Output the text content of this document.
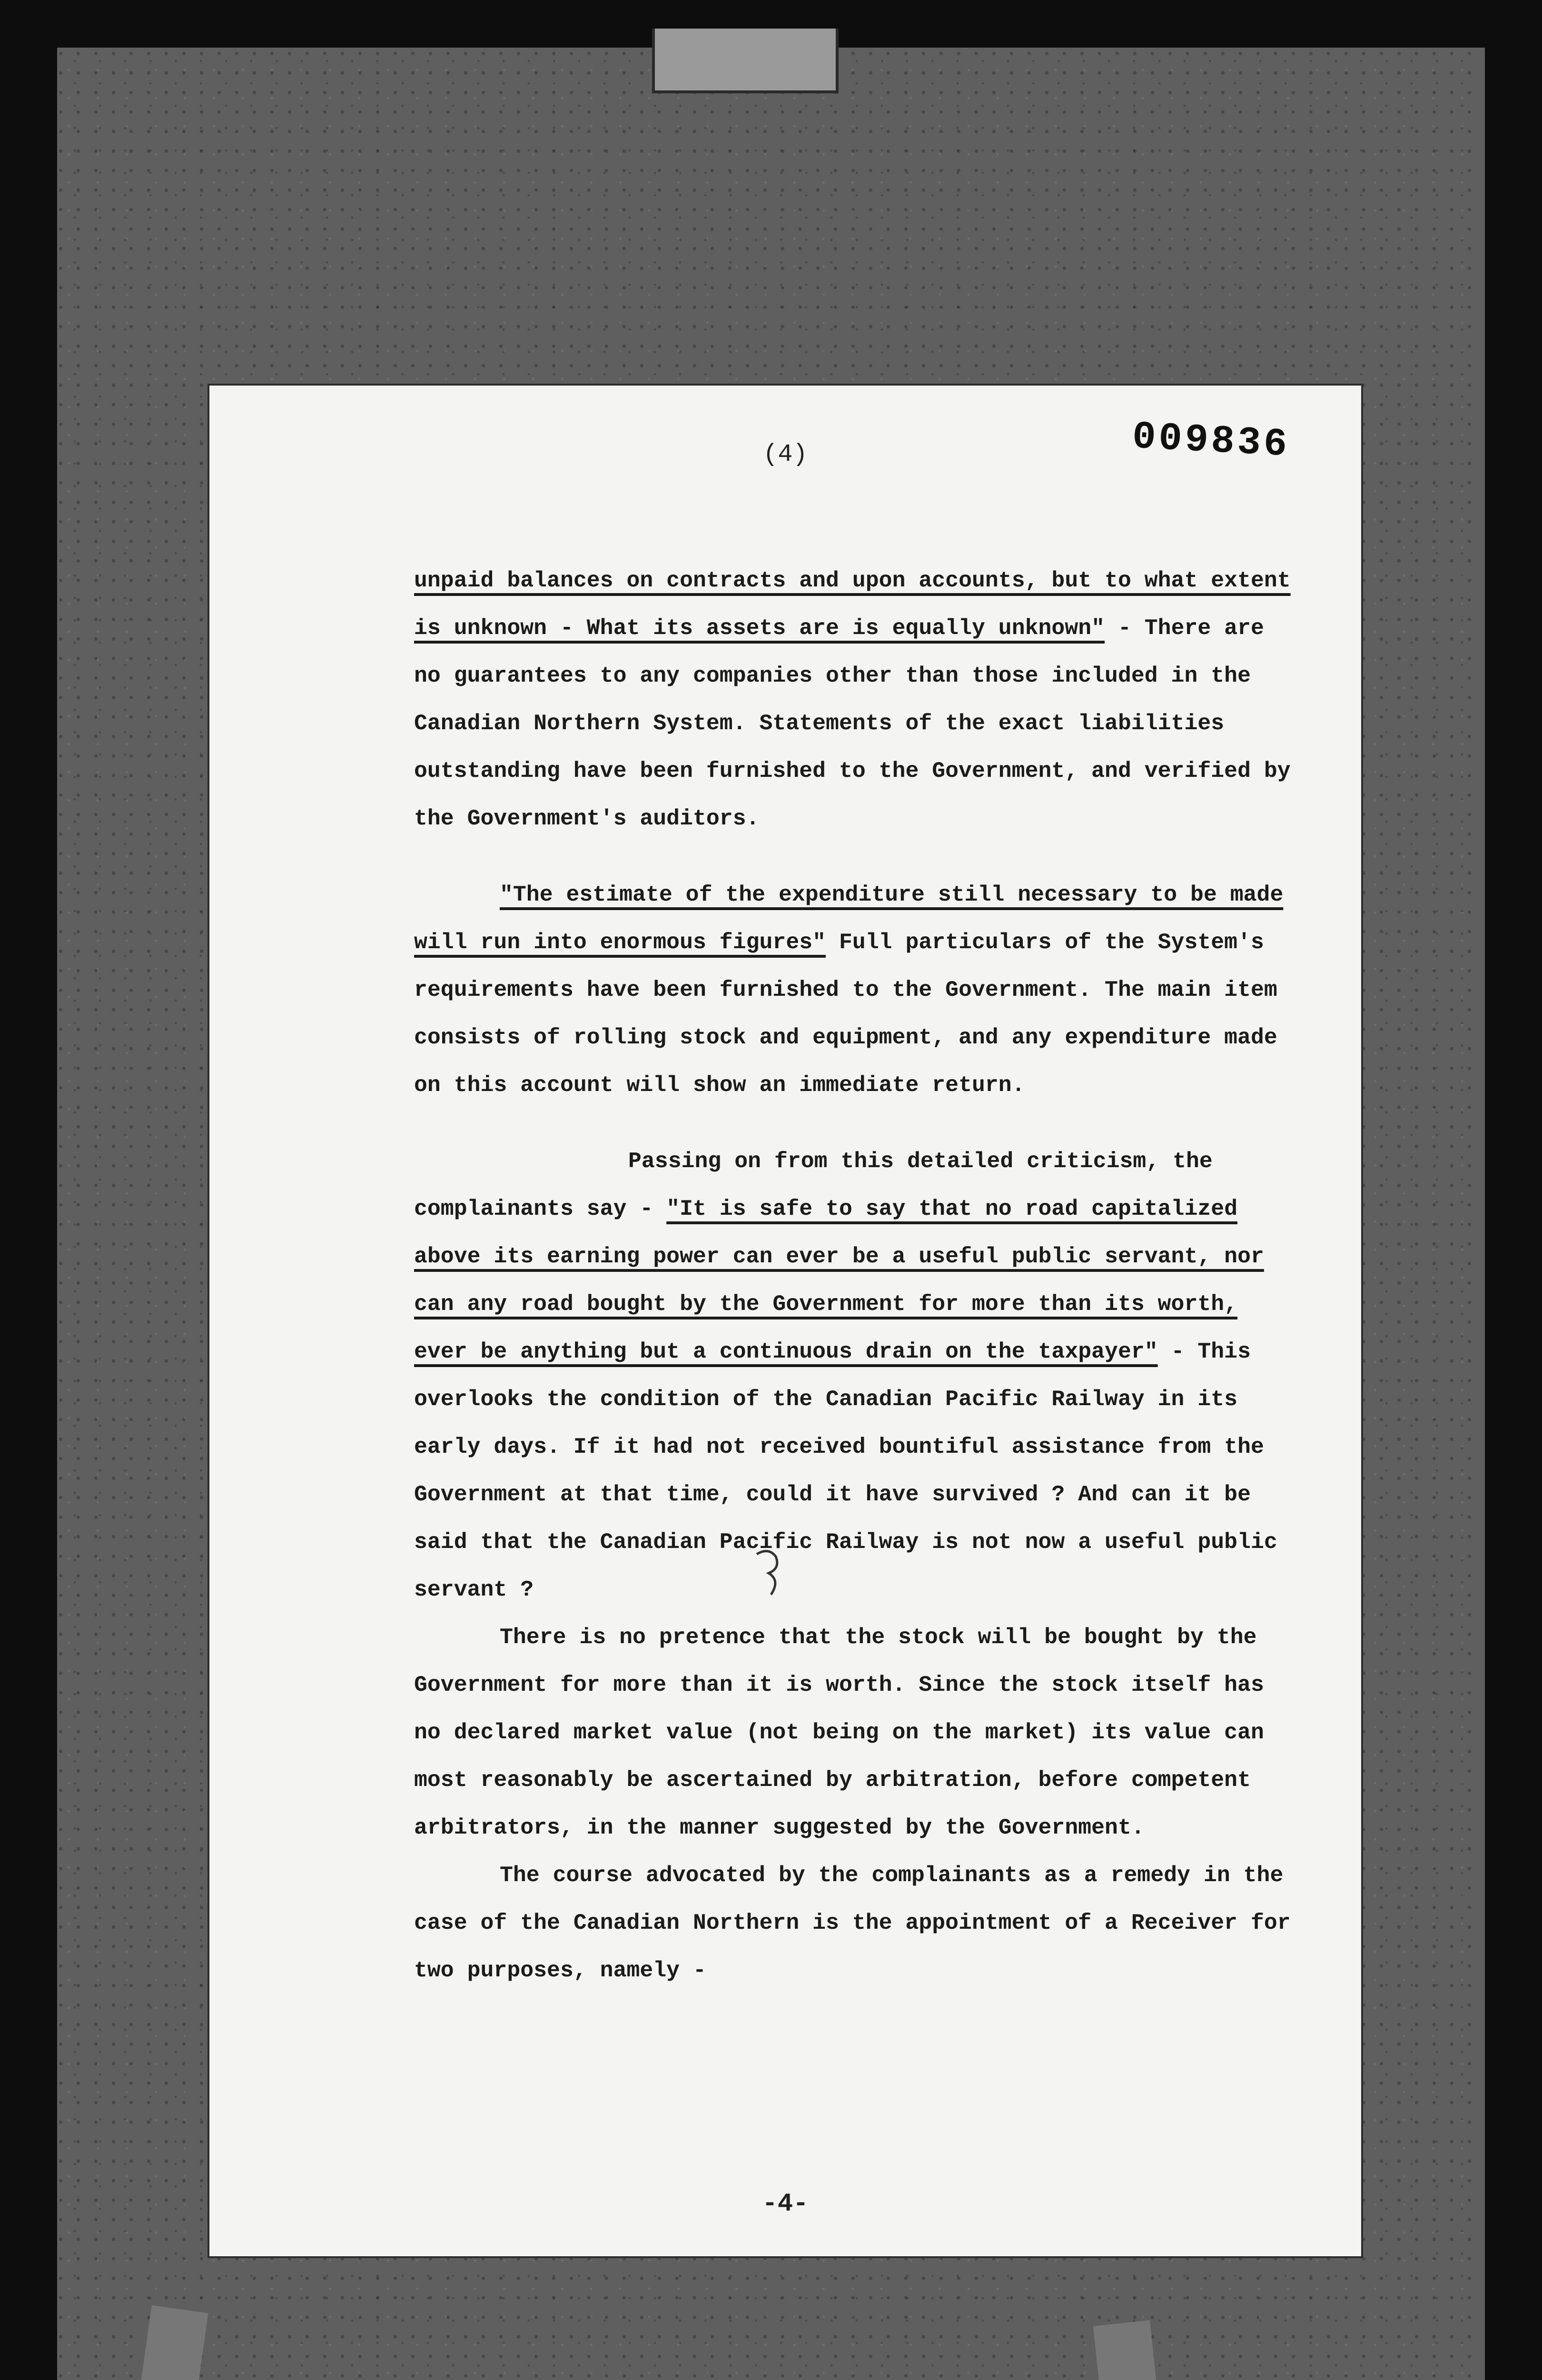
(4)	009836

unpaid balances on contracts and upon accounts, but to what extent is unknown - What its assets are is equally unknown" - There are no guarantees to any companies other than those included in the Canadian Northern System. Statements of the exact liabilities outstanding have been furnished to the Government, and verified by the Government's auditors.

"The estimate of the expenditure still necessary to be made will run into enormous figures" Full particulars of the System's requirements have been furnished to the Government. The main item consists of rolling stock and equipment, and any expenditure made on this account will show an immediate return.

Passing on from this detailed criticism, the complainants say - "It is safe to say that no road capitalized above its earning power can ever be a useful public servant, nor can any road bought by the Government for more than its worth, ever be anything but a continuous drain on the taxpayer" - This overlooks the condition of the Canadian Pacific Railway in its early days. If it had not received bountiful assistance from the Government at that time, could it have survived ? And can it be said that the Canadian Pacific Railway is not now a useful public servant ?

There is no pretence that the stock will be bought by the Government for more than it is worth. Since the stock itself has no declared market value (not being on the market) its value can most reasonably be ascertained by arbitration, before competent arbitrators, in the manner suggested by the Government.

The course advocated by the complainants as a remedy in the case of the Canadian Northern is the appointment of a Receiver for two purposes, namely -

-4-
